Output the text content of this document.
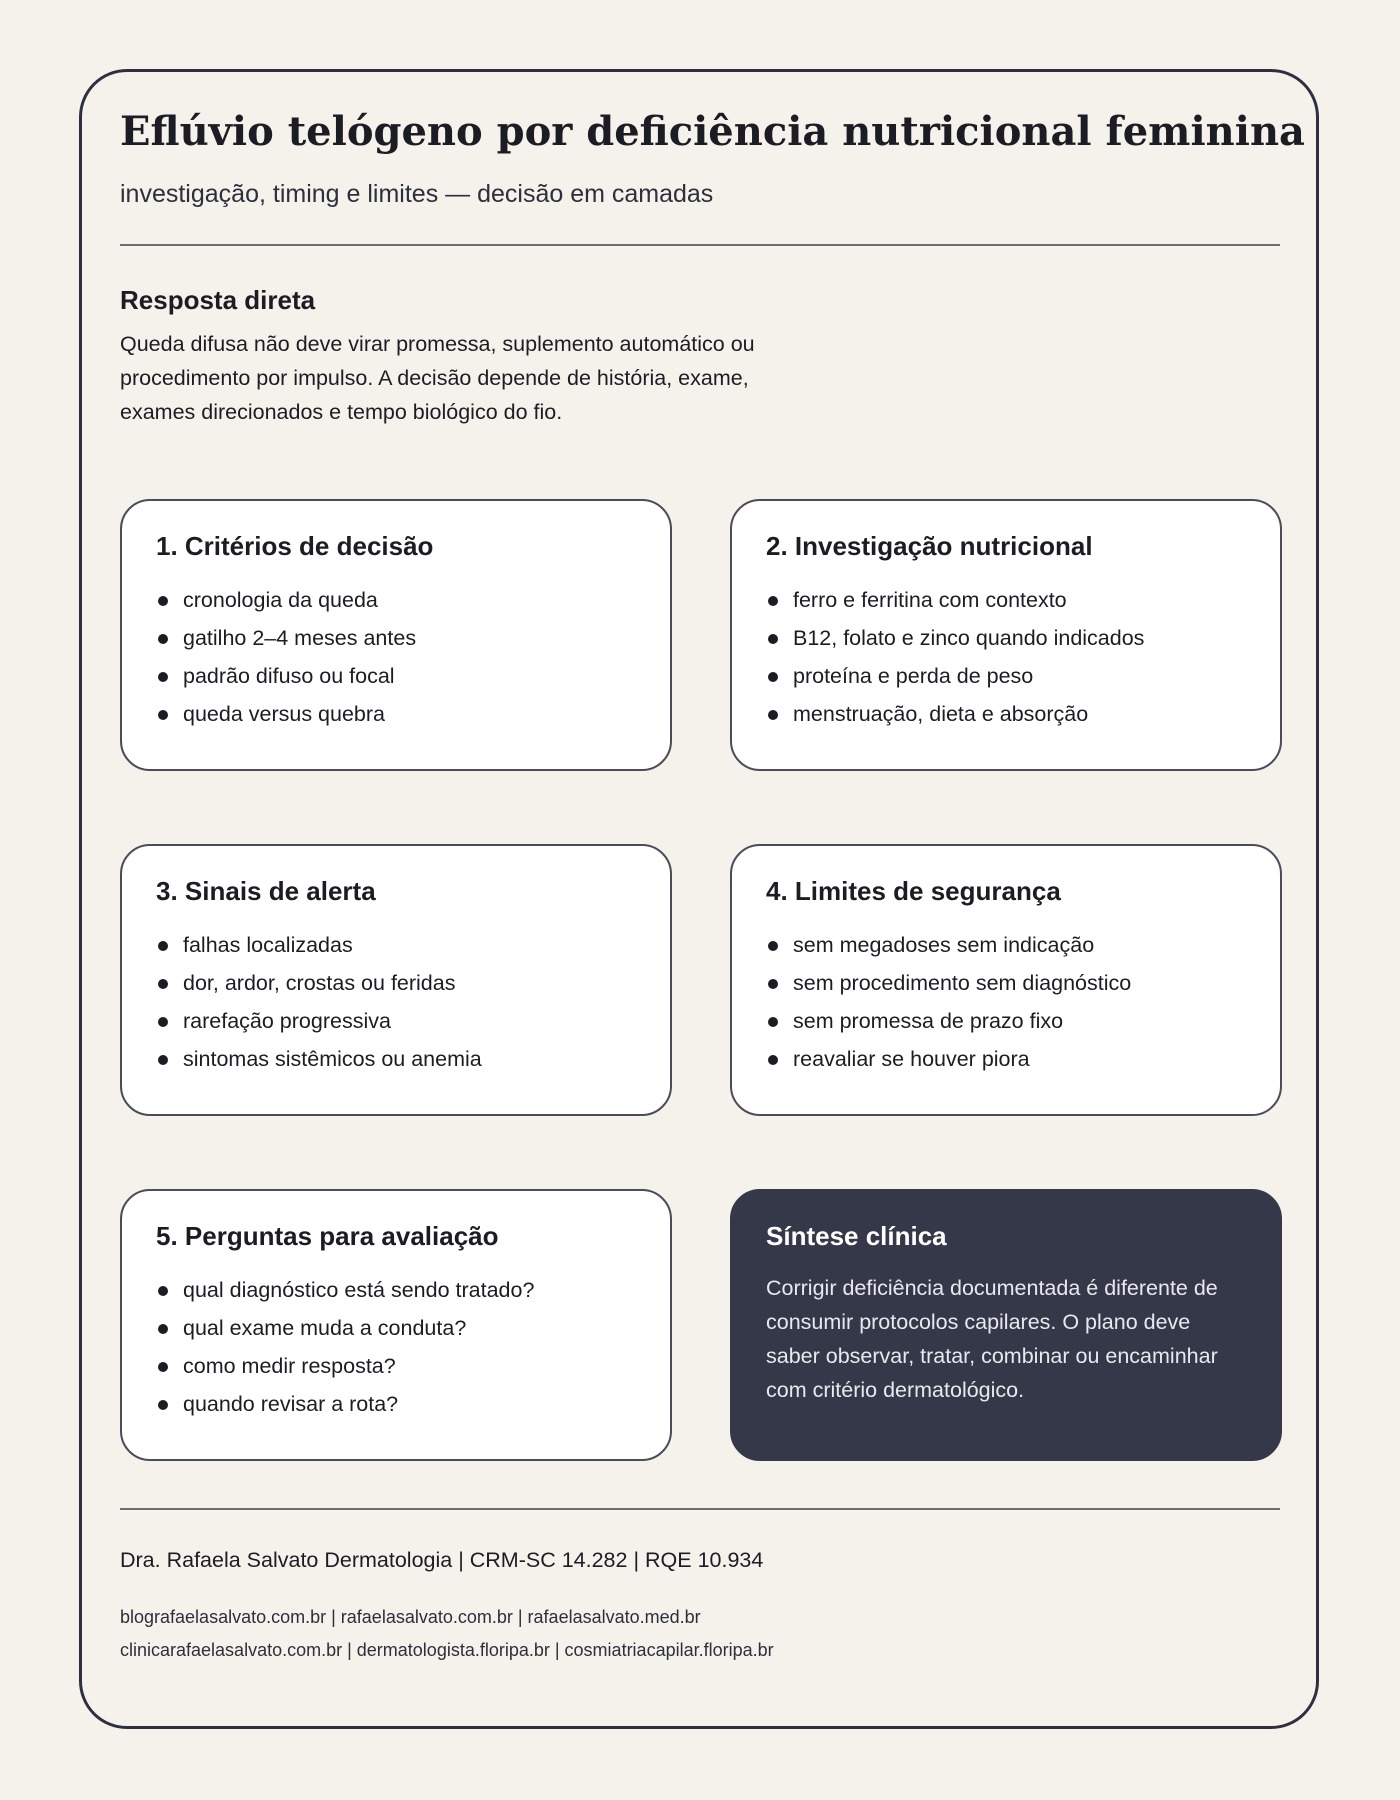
Eflúvio telógeno por deficiência nutricional feminina

investigação, timing e limites — decisão em camadas

Resposta direta

Queda difusa não deve virar promessa, suplemento automático ou procedimento por impulso. A decisão depende de história, exame, exames direcionados e tempo biológico do fio.

1. Critérios de decisão
cronologia da queda
gatilho 2–4 meses antes
padrão difuso ou focal
queda versus quebra
2. Investigação nutricional
ferro e ferritina com contexto
B12, folato e zinco quando indicados
proteína e perda de peso
menstruação, dieta e absorção
3. Sinais de alerta
falhas localizadas
dor, ardor, crostas ou feridas
rarefação progressiva
sintomas sistêmicos ou anemia
4. Limites de segurança
sem megadoses sem indicação
sem procedimento sem diagnóstico
sem promessa de prazo fixo
reavaliar se houver piora
5. Perguntas para avaliação
qual diagnóstico está sendo tratado?
qual exame muda a conduta?
como medir resposta?
quando revisar a rota?
Síntese clínica

Corrigir deficiência documentada é diferente de consumir protocolos capilares. O plano deve saber observar, tratar, combinar ou encaminhar com critério dermatológico.

Dra. Rafaela Salvato Dermatologia | CRM-SC 14.282 | RQE 10.934

blografaelasalvato.com.br | rafaelasalvato.com.br | rafaelasalvato.med.br
clinicarafaelasalvato.com.br | dermatologista.floripa.br | cosmiatriacapilar.floripa.br
